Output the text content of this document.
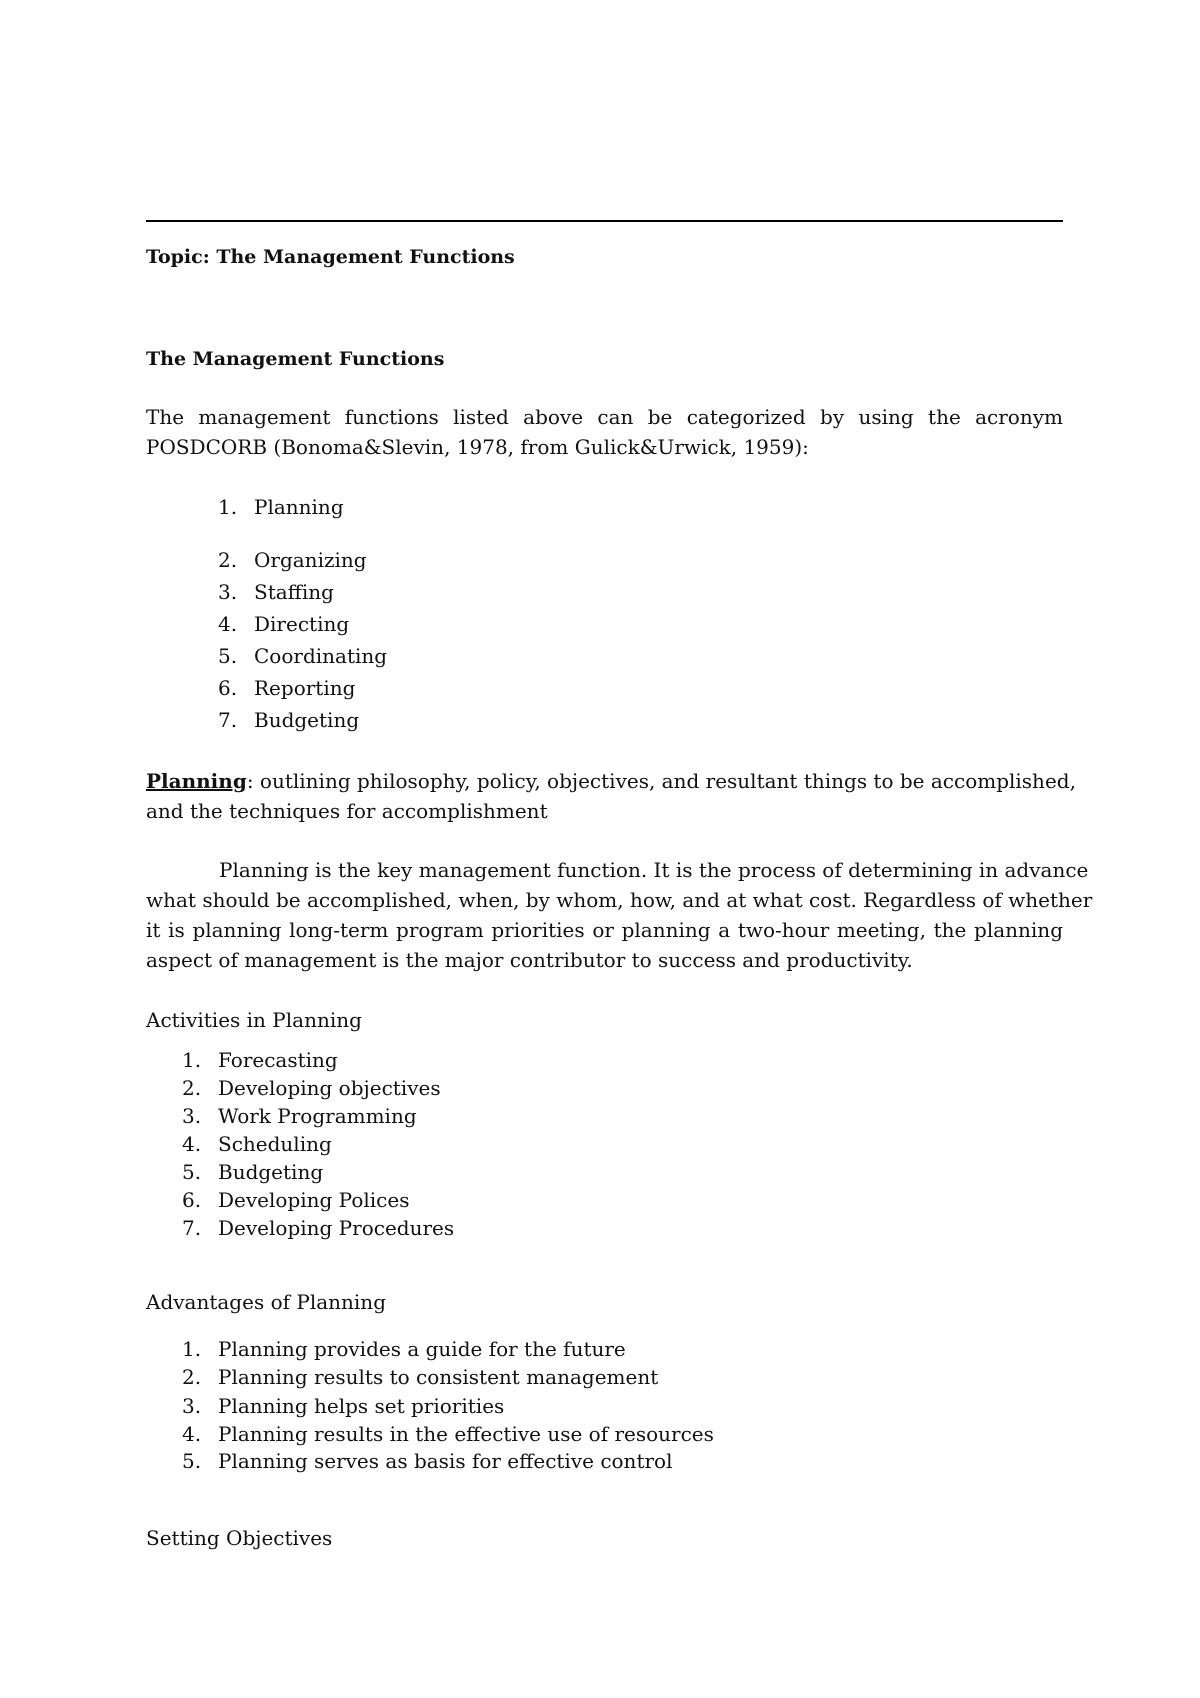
Topic: The Management Functions
The Management Functions
The management functions listed above can be categorized by using the acronym
POSDCORB (Bonoma&Slevin, 1978, from Gulick&Urwick, 1959):
1. Planning
2. Organizing
3. Staffing
4. Directing
5. Coordinating
6. Reporting
7. Budgeting
Planning: outlining philosophy, policy, objectives, and resultant things to be accomplished,
and the techniques for accomplishment
Planning is the key management function. It is the process of determining in advance
what should be accomplished, when, by whom, how, and at what cost. Regardless of whether
it is planning long-term program priorities or planning a two-hour meeting, the planning
aspect of management is the major contributor to success and productivity.
Activities in Planning
1. Forecasting
2. Developing objectives
3. Work Programming
4. Scheduling
5. Budgeting
6. Developing Polices
7. Developing Procedures
Advantages of Planning
1. Planning provides a guide for the future
2. Planning results to consistent management
3. Planning helps set priorities
4. Planning results in the effective use of resources
5. Planning serves as basis for effective control
Setting Objectives
